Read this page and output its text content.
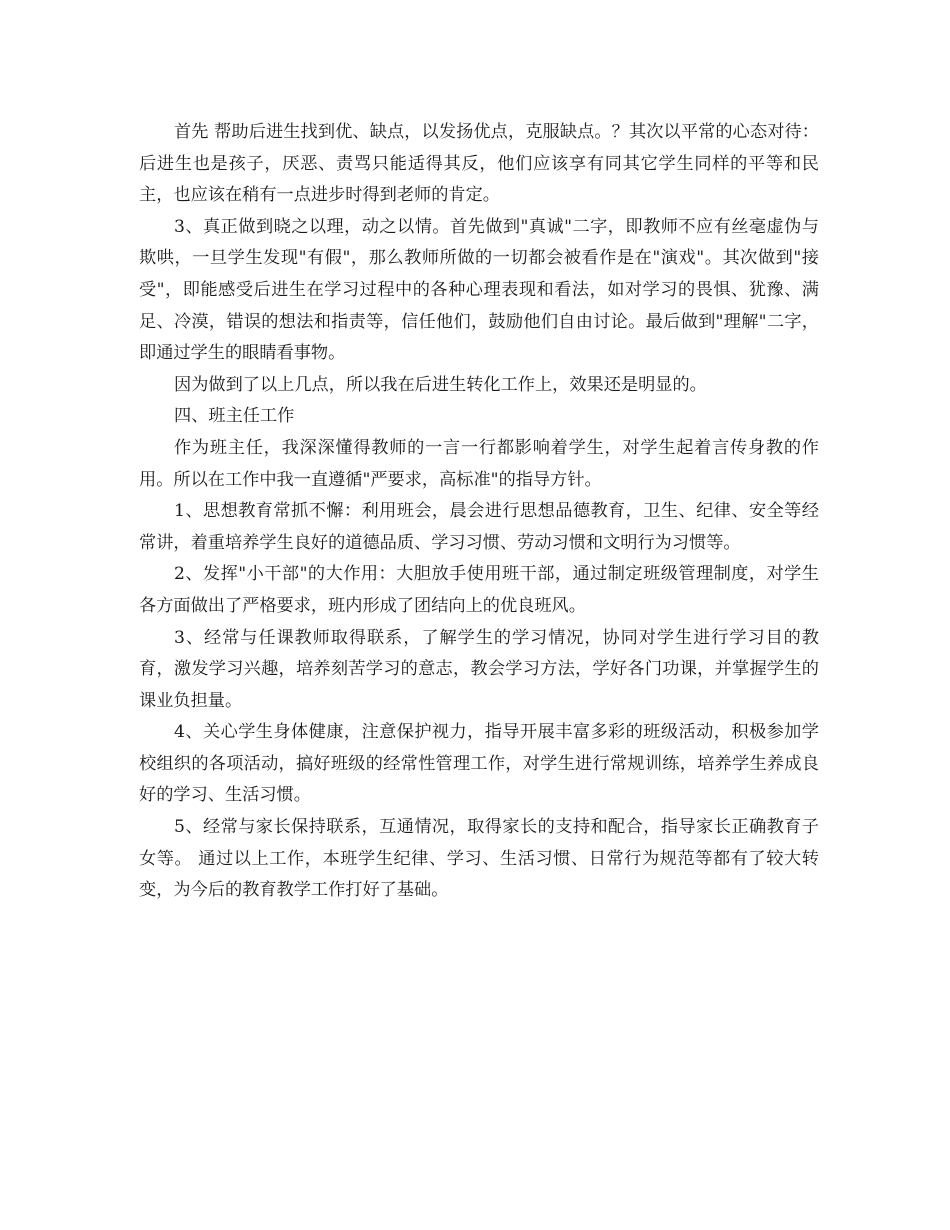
首先 帮助后进生找到优、缺点，以发扬优点，克服缺点。？其次以平常的心态对待：后进生也是孩子，厌恶、责骂只能适得其反，他们应该享有同其它学生同样的平等和民主，也应该在稍有一点进步时得到老师的肯定。

3、真正做到晓之以理，动之以情。首先做到"真诚"二字，即教师不应有丝毫虚伪与欺哄，一旦学生发现"有假"，那么教师所做的一切都会被看作是在"演戏"。其次做到"接受"，即能感受后进生在学习过程中的各种心理表现和看法，如对学习的畏惧、犹豫、满足、冷漠，错误的想法和指责等，信任他们，鼓励他们自由讨论。最后做到"理解"二字，即通过学生的眼睛看事物。

因为做到了以上几点，所以我在后进生转化工作上，效果还是明显的。

四、班主任工作

作为班主任，我深深懂得教师的一言一行都影响着学生，对学生起着言传身教的作用。所以在工作中我一直遵循"严要求，高标准"的指导方针。

1、思想教育常抓不懈：利用班会，晨会进行思想品德教育，卫生、纪律、安全等经常讲，着重培养学生良好的道德品质、学习习惯、劳动习惯和文明行为习惯等。

2、发挥"小干部"的大作用：大胆放手使用班干部，通过制定班级管理制度，对学生各方面做出了严格要求，班内形成了团结向上的优良班风。

3、经常与任课教师取得联系，了解学生的学习情况，协同对学生进行学习目的教育，激发学习兴趣，培养刻苦学习的意志，教会学习方法，学好各门功课，并掌握学生的课业负担量。

4、关心学生身体健康，注意保护视力，指导开展丰富多彩的班级活动，积极参加学校组织的各项活动，搞好班级的经常性管理工作，对学生进行常规训练，培养学生养成良好的学习、生活习惯。

5、经常与家长保持联系，互通情况，取得家长的支持和配合，指导家长正确教育子女等。 通过以上工作，本班学生纪律、学习、生活习惯、日常行为规范等都有了较大转变，为今后的教育教学工作打好了基础。
